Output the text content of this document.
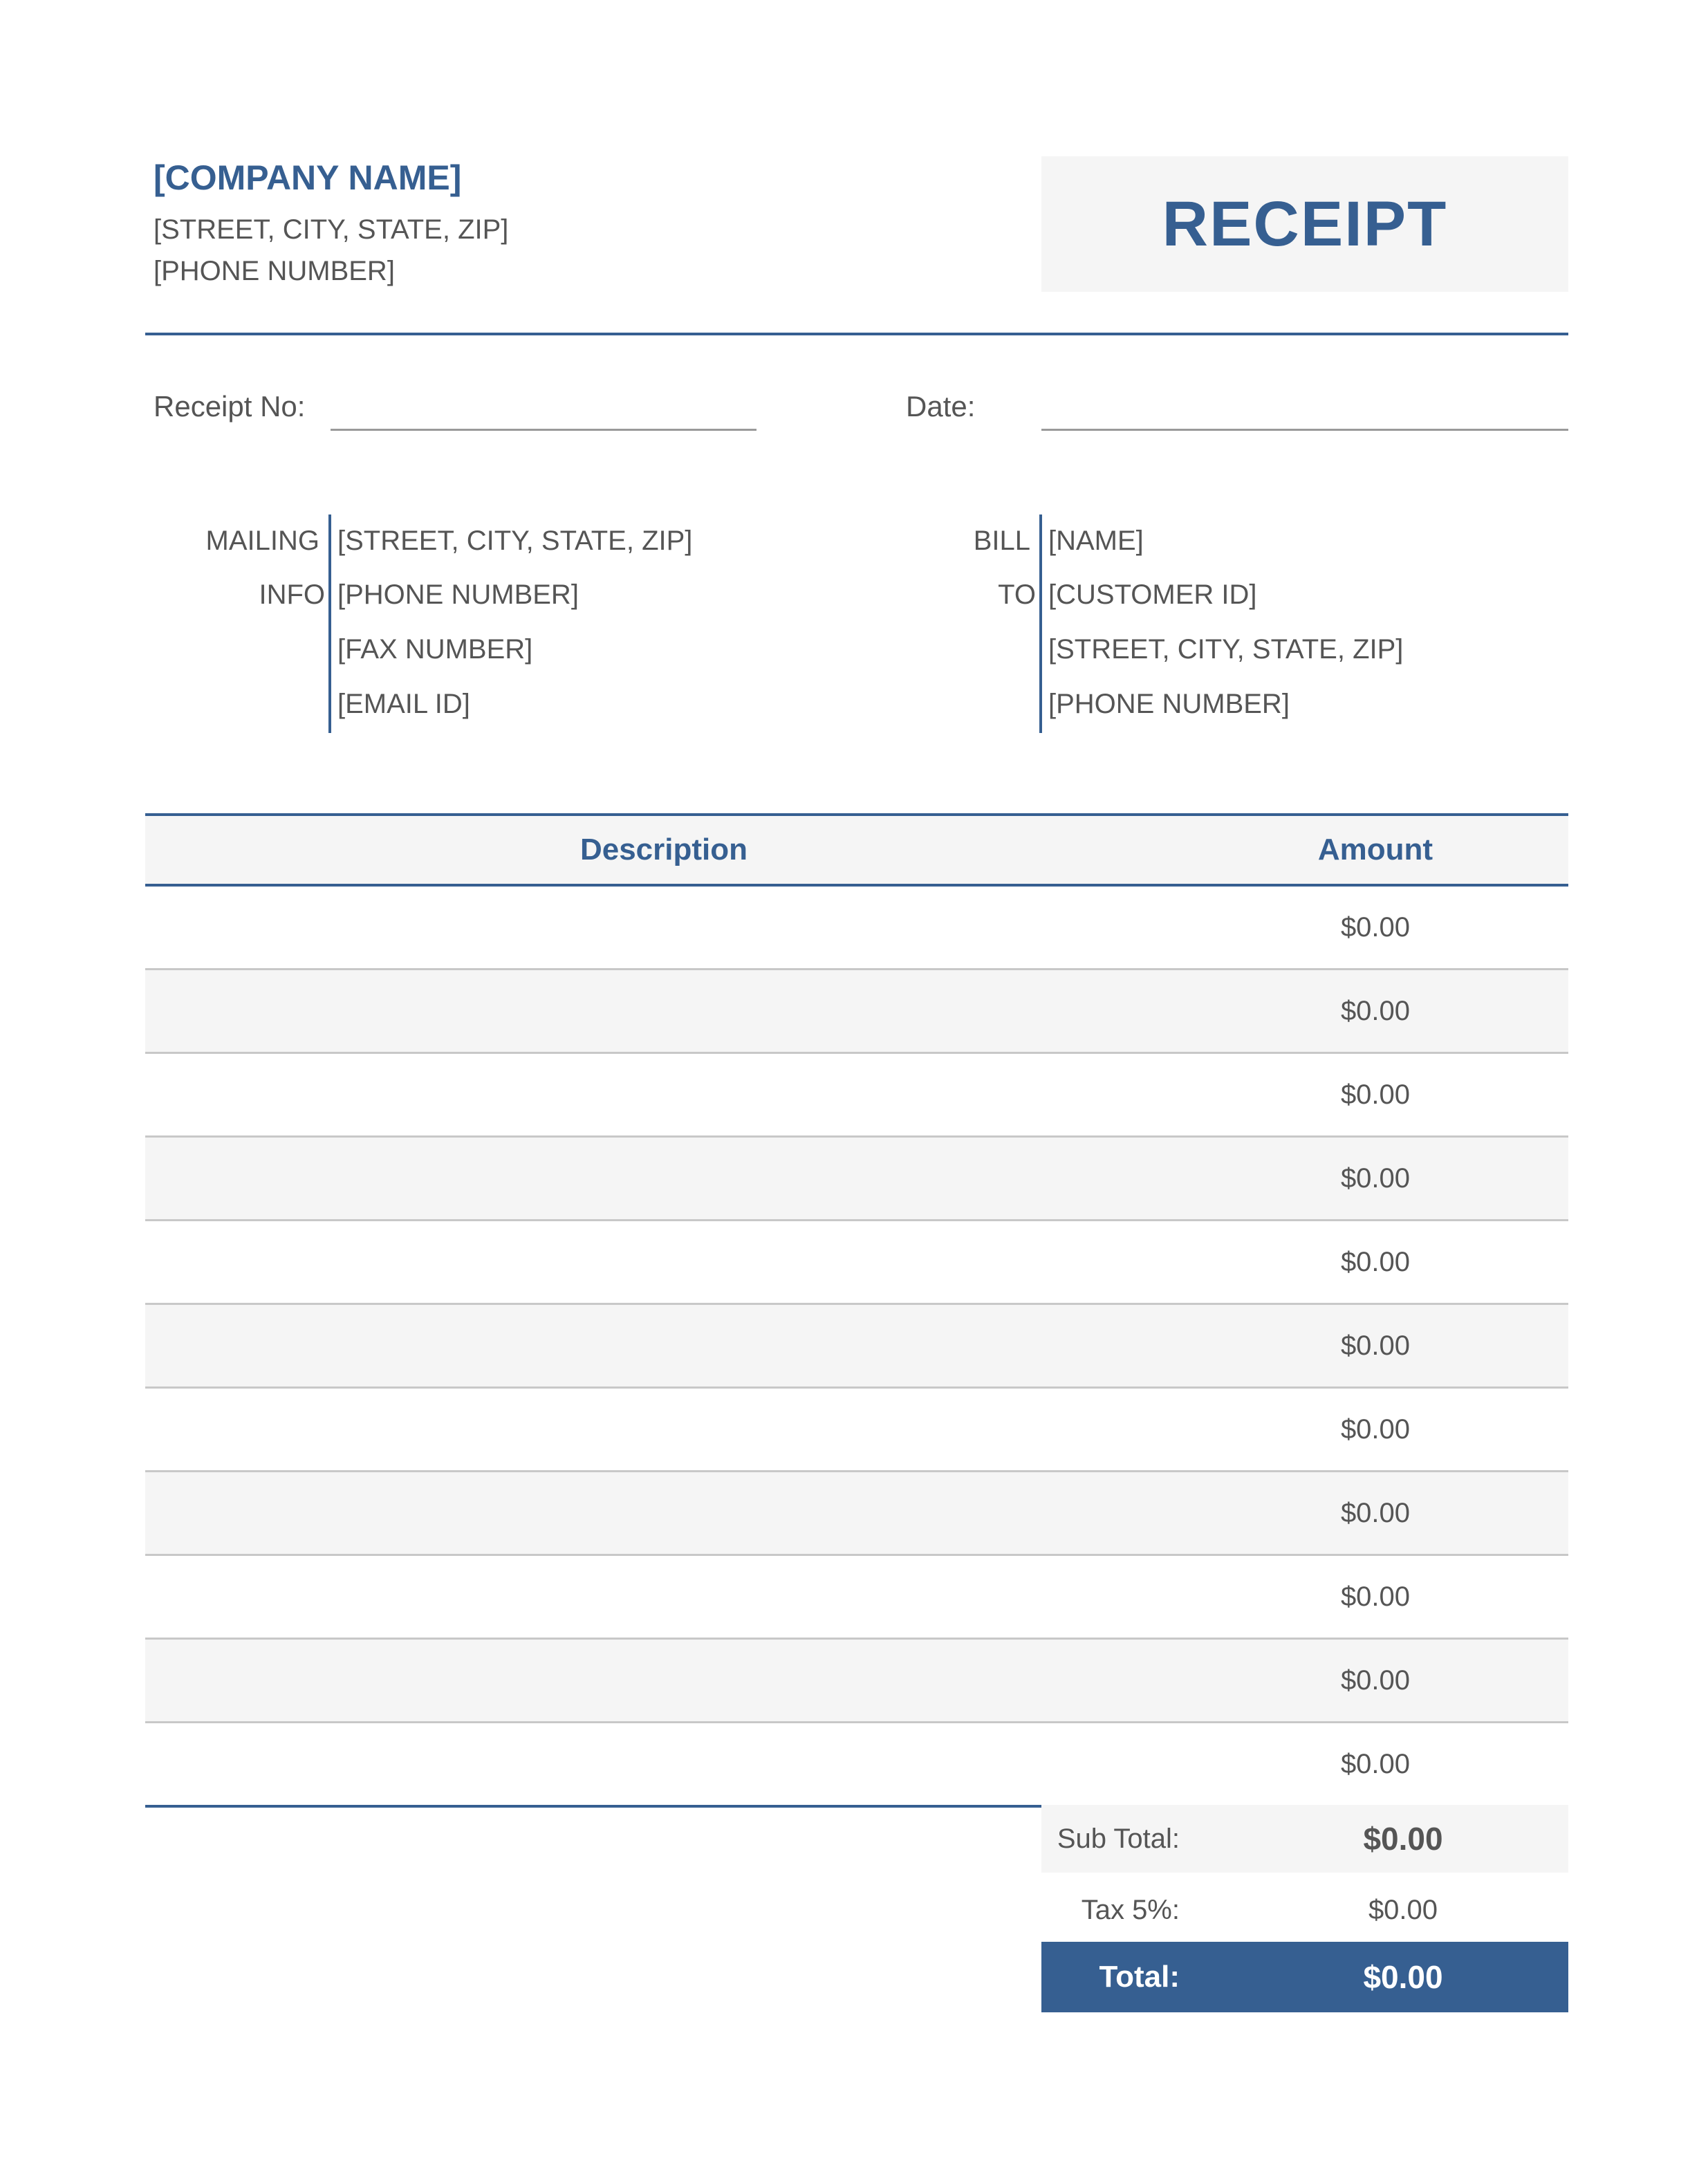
[COMPANY NAME]
[STREET, CITY, STATE, ZIP]
[PHONE NUMBER]
RECEIPT
Receipt No:	Date:
MAILING
INFO
[STREET, CITY, STATE, ZIP]
[PHONE NUMBER]
[FAX NUMBER]
[EMAIL ID]
BILL
TO
[NAME]
[CUSTOMER ID]
[STREET, CITY, STATE, ZIP]
[PHONE NUMBER]
Description	Amount
$0.00
$0.00
$0.00
$0.00
$0.00
$0.00
$0.00
$0.00
$0.00
$0.00
$0.00
Sub Total:	$0.00
Tax 5%:	$0.00
Total:	$0.00
